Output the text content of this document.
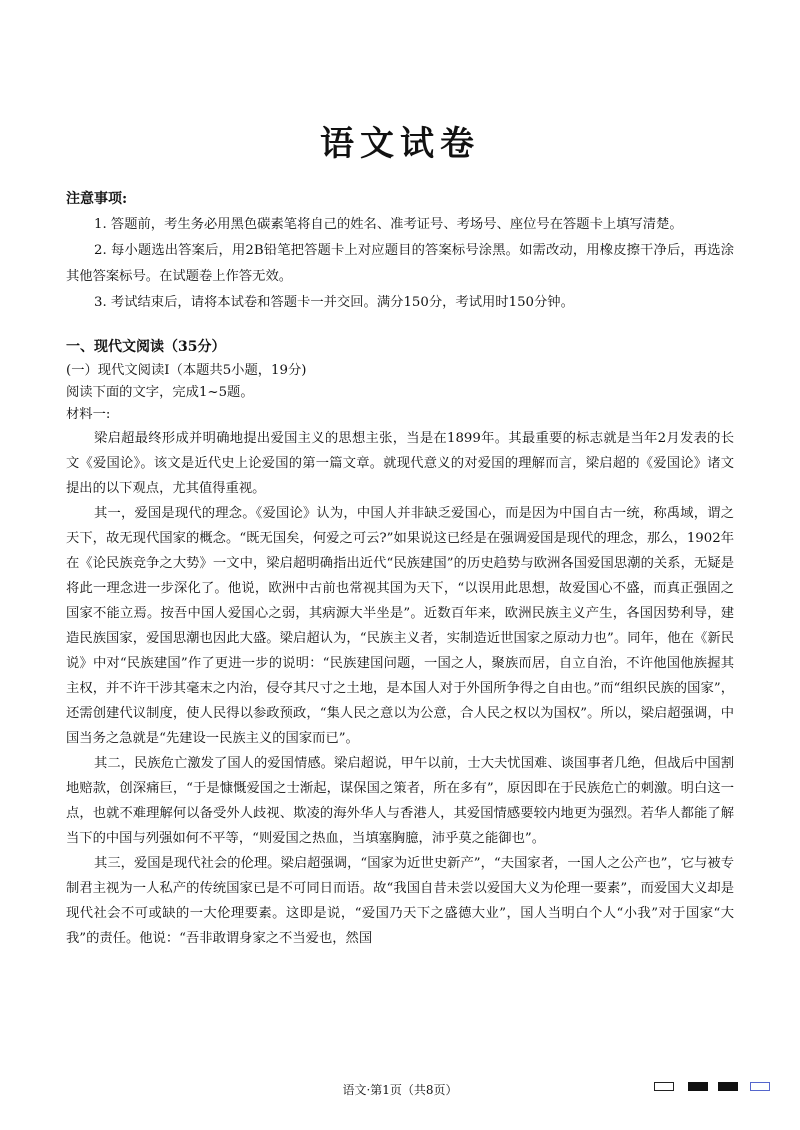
语文试卷
注意事项:

1. 答题前，考生务必用黑色碳素笔将自己的姓名、准考证号、考场号、座位号在答题卡上填写清楚。

2. 每小题选出答案后，用2B铅笔把答题卡上对应题目的答案标号涂黑。如需改动，用橡皮擦干净后，再选涂其他答案标号。在试题卷上作答无效。

3. 考试结束后，请将本试卷和答题卡一并交回。满分150分，考试用时150分钟。

一、现代文阅读（35分）

(一）现代文阅读Ⅰ（本题共5小题，19分)

阅读下面的文字，完成1~5题。

材料一:

梁启超最终形成并明确地提出爱国主义的思想主张，当是在1899年。其最重要的标志就是当年2月发表的长文《爱国论》。该文是近代史上论爱国的第一篇文章。就现代意义的对爱国的理解而言，梁启超的《爱国论》诸文提出的以下观点，尤其值得重视。

其一，爱国是现代的理念。《爱国论》认为，中国人并非缺乏爱国心，而是因为中国自古一统，称禹域，谓之天下，故无现代国家的概念。“既无国矣，何爱之可云?”如果说这已经是在强调爱国是现代的理念，那么，1902年在《论民族竞争之大势》一文中，梁启超明确指出近代“民族建国”的历史趋势与欧洲各国爱国思潮的关系，无疑是将此一理念进一步深化了。他说，欧洲中古前也常视其国为天下，“以误用此思想，故爱国心不盛，而真正强固之国家不能立焉。按吾中国人爱国心之弱，其病源大半坐是”。近数百年来，欧洲民族主义产生，各国因势利导，建造民族国家，爱国思潮也因此大盛。梁启超认为，“民族主义者，实制造近世国家之原动力也”。同年，他在《新民说》中对“民族建国”作了更进一步的说明：“民族建国问题，一国之人，聚族而居，自立自治，不许他国他族握其主权，并不许干涉其毫末之内治，侵夺其尺寸之土地，是本国人对于外国所争得之自由也。”而“组织民族的国家”，还需创建代议制度，使人民得以参政预政，“集人民之意以为公意，合人民之权以为国权”。所以，梁启超强调，中国当务之急就是“先建设一民族主义的国家而已”。

其二，民族危亡激发了国人的爱国情感。梁启超说，甲午以前，士大夫忧国难、谈国事者几绝，但战后中国割地赔款，创深痛巨，“于是慷慨爱国之士渐起，谋保国之策者，所在多有”，原因即在于民族危亡的刺激。明白这一点，也就不难理解何以备受外人歧视、欺凌的海外华人与香港人，其爱国情感要较内地更为强烈。若华人都能了解当下的中国与列强如何不平等，“则爱国之热血，当填塞胸臆，沛乎莫之能御也”。

其三，爱国是现代社会的伦理。梁启超强调，“国家为近世史新产”，“夫国家者，一国人之公产也”，它与被专制君主视为一人私产的传统国家已是不可同日而语。故“我国自昔未尝以爱国大义为伦理一要素”，而爱国大义却是现代社会不可或缺的一大伦理要素。这即是说，“爱国乃天下之盛德大业”，国人当明白个人“小我”对于国家“大我”的责任。他说：“吾非敢谓身家之不当爱也，然国

语文·第1页（共8页）
